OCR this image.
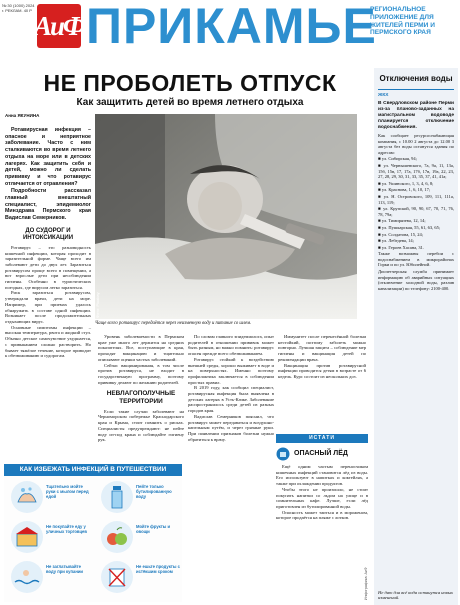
№ 30 (1000) 2024 г. РЕКЛАМ. 40 Р АиФ ПРИКАМЬЕ
РЕГИОНАЛЬНОЕ ПРИЛОЖЕНИЕ ДЛЯ ЖИТЕЛЕЙ ПЕРМИ И ПЕРМСКОГО КРАЯ
НЕ ПРОБОЛЕТЬ ОТПУСК
Как защитить детей во время летнего отдыха
Анна ЯКУНИНА

Ротавирусная инфекция – опасное и неприятное заболевание. Часто с ним сталкиваются во время летнего отдыха на море или в детских лагерях. Как защитить себя и детей, можно ли сделать прививку и что ротавирус отличается от отравления?

Подробности рассказал главный внештатный специалист, эпидемиолог Минздрава Пермского края Вадислав Семерников.

ДО СУДОРОГ И ИНТОКСИКАЦИИ

Ротавирус – это разновидность кишечной инфекции, которая проходит в заразительной форме. Чаще всего им заболевают дети до двух лет. Заразиться ротавирусом проще всего в помещении, а вот взрослые дети при несоблюдении гигиены. Особенно в туристических поездках, где вирусом легко заразиться.

Риск заразиться ротавирусом, утверждали врачи, дети на море. Например, при приемах удалось обнаружить в составе одной инфекции. Возникает после продолжительных отдыхающих вирус.

Основные симптомы инфекции – высокая температура, рвота и жидкий стул. Обычно детское самочувствие ухудшается, с привыканием сложно растворить. Но бывает тяжёлое течение, которое приводит к обезвоживанию и судорогам.

Фото: Pixabay
Чаще всего ротавирус передаётся через неизменную воду и питание со шлем.

Уровень заболеваемости в Пермском крае уже много лет держится на средних показателях. Все, поступающие в края, проходят вакцинацию и тщательно описывают оценки частых заболеваний.

Сейчас вакцинирования, в том числе против ротавируса, не входит в государственную программу, поэтому прививку делают по желанию родителей.

НЕВЛАГОПОЛУЧНЫЕ ТЕРРИТОРИИ

Если такие случаи заболевают на Черноморском побережье Краснодарского края и Крыма, стоит помнить о рисках. Специалисты предупреждают: не пейте воду из-под крана и соблюдайте гигиену рук.

По словам главного эпидемиолога, опыт родителей в отношении прививок может быть разным, но важно помнить: ротавирус опасен прежде всего обезвоживанием.

Ротавирус стойкий к воздействию внешней среды, хорошо выживает в воде и на поверхностях. Именно поэтому профилактика заключается в соблюдении простых правил.

В 2019 году, как сообщил специалист, ротавирусная инфекция была выявлена в детских лагерях в Усть-Качке. Заболевание распространилось среди детей из разных городов края.

Вадислав Семерников пояснил, что ротавирус может передаваться и воздушно-капельным путём, и через грязные руки. При появлении признаков болезни нужно обратиться к врачу.

Иммунитет после перенесённой болезни нестойкий, поэтому заболеть можно повторно. Лучшая защита – соблюдение мер гигиены и вакцинация детей по рекомендации врача.

Вакцинация против ротавирусной инфекции проводится детям в возрасте от 6 недель. Курс состоит из нескольких доз.

КАК ИЗБЕЖАТЬ ИНФЕКЦИЙ В ПУТЕШЕСТВИИ
Тщательно мойте руки с мылом перед едой
Пейте только бутилированную воду
Не покупайте еду у уличных торговцев
Мойте фрукты и овощи
Не заглатывайте воду при купании
Не ешьте продукты с истёкшим сроком
ИСТАТИ
ОПАСНЫЙ ЛЁД

Ещё одним частым переносчиком кишечных инфекций становится лёд из воды. Его используют в напитках и коктейлях, а также при охлаждении продуктов.

Чтобы этого не произошло, не стоит покупать напитки со льдом на улице и в сомнительных кафе. Лучше, если лёд приготовлен из бутилированной воды.

Опасность может таиться и в мороженом, которое продаётся на пляже с лотков.

Инфографика: АиФ
Отключения воды
ЖКХ
В Свердловском районе Перми из-за планово-заданных на магистральном водоводе планируется отключение водоснабжения.

Как сообщает ресурсоснабжающая компания, с 10.00 2 августа до 12.00 3 августа без воды останутся здания по адресам:

■ ул. Сибирская, 94;

■ ул. Чернышевского, 7а, 9а, 11, 13а, 15б, 15в, 17, 17а, 17б, 17в, 19а, 22, 23, 27, 28, 29, 30, 31, 33, 35, 37, 41, 41а;

■ ул. Ушинского, 1, 3, 4, 6, 8;

■ ул. Краснова, 1, 6, 10, 17;

■ ул. Н. Островского, 109, 111, 111а, 113, 119;

■ ул. Крупской, 90, 90, 67, 70, 71, 76, 78, 79а;

■ ул. Тимирязева, 12, 14;

■ ул. Пушкарская, 55, 61, 63, 65;

■ ул. Солдатова, 15, 24;

■ ул. Лебедева, 14;

■ ул. Героев Хасана, 31.

Также возможны перебои с водоснабжением в микрорайонах Горки и по ул. Юбилейной.

Диспетчерская служба принимает информацию об аварийных ситуациях (отключение холодной воды, разлив канализации) по телефону: 2100-400.

Не даю для всё кода останутся новых изменений.
